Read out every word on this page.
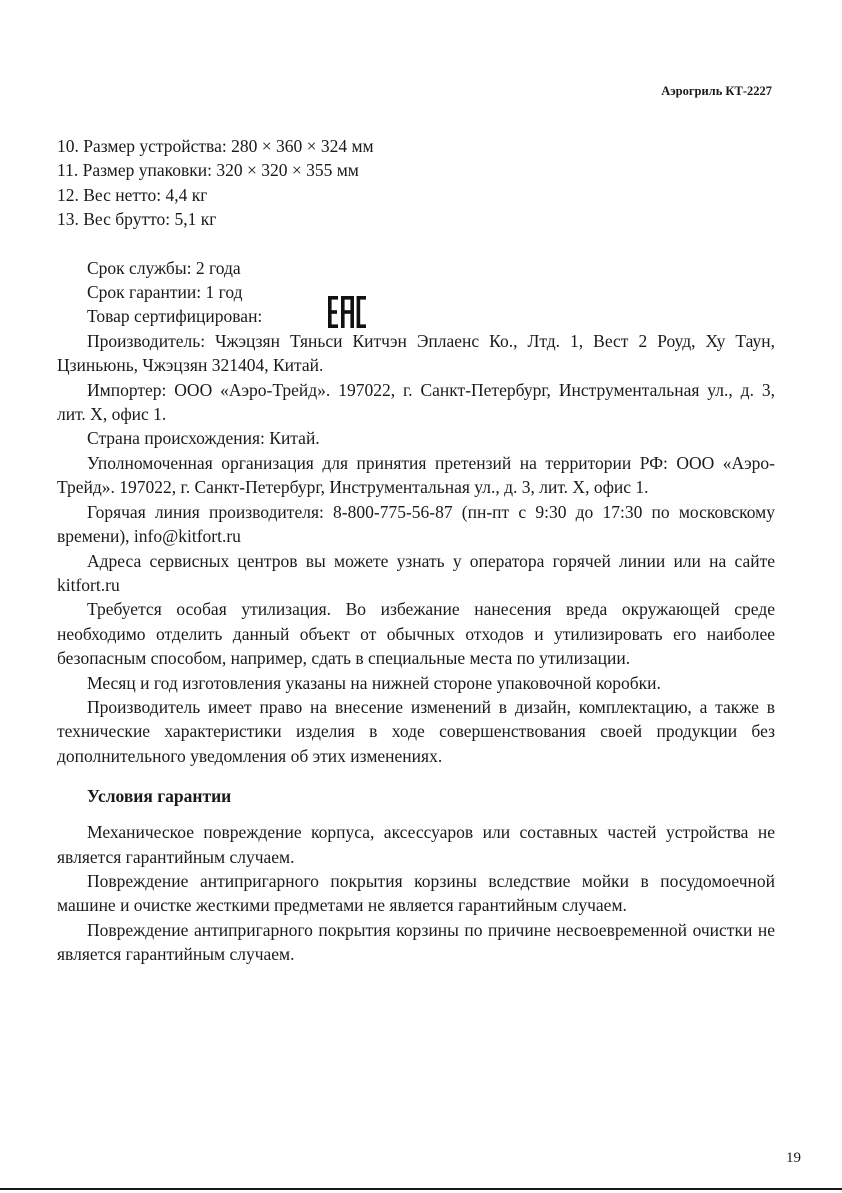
Аэрогриль КТ-2227
10. Размер устройства: 280 × 360 × 324 мм
11. Размер упаковки: 320 × 320 × 355 мм
12. Вес нетто: 4,4 кг
13. Вес брутто: 5,1 кг

Срок службы: 2 года

Срок гарантии: 1 год

Товар сертифицирован:

Производитель: Чжэцзян Тяньси Китчэн Эплаенс Ко., Лтд. 1, Вест 2 Роуд, Ху Таун, Цзиньюнь, Чжэцзян 321404, Китай.

Импортер: ООО «Аэро-Трейд». 197022, г. Санкт-Петербург, Инструментальная ул., д. 3, лит. Х, офис 1.

Страна происхождения: Китай.

Уполномоченная организация для принятия претензий на территории РФ: ООО «Аэро-Трейд». 197022, г. Санкт-Петербург, Инструментальная ул., д. 3, лит. Х, офис 1.

Горячая линия производителя: 8-800-775-56-87 (пн-пт с 9:30 до 17:30 по московскому времени), info@kitfort.ru

Адреса сервисных центров вы можете узнать у оператора горячей линии или на сайте kitfort.ru

Требуется особая утилизация. Во избежание нанесения вреда окружающей среде необходимо отделить данный объект от обычных отходов и утилизировать его наиболее безопасным способом, например, сдать в специальные места по утилизации.

Месяц и год изготовления указаны на нижней стороне упаковочной коробки.

Производитель имеет право на внесение изменений в дизайн, комплектацию, а также в технические характеристики изделия в ходе совершенствования своей продукции без дополнительного уведомления об этих изменениях.

Условия гарантии

Механическое повреждение корпуса, аксессуаров или составных частей устройства не является гарантийным случаем.

Повреждение антипригарного покрытия корзины вследствие мойки в посудомоечной машине и очистке жесткими предметами не является гарантийным случаем.

Повреждение антипригарного покрытия корзины по причине несвоевременной очистки не является гарантийным случаем.

19
